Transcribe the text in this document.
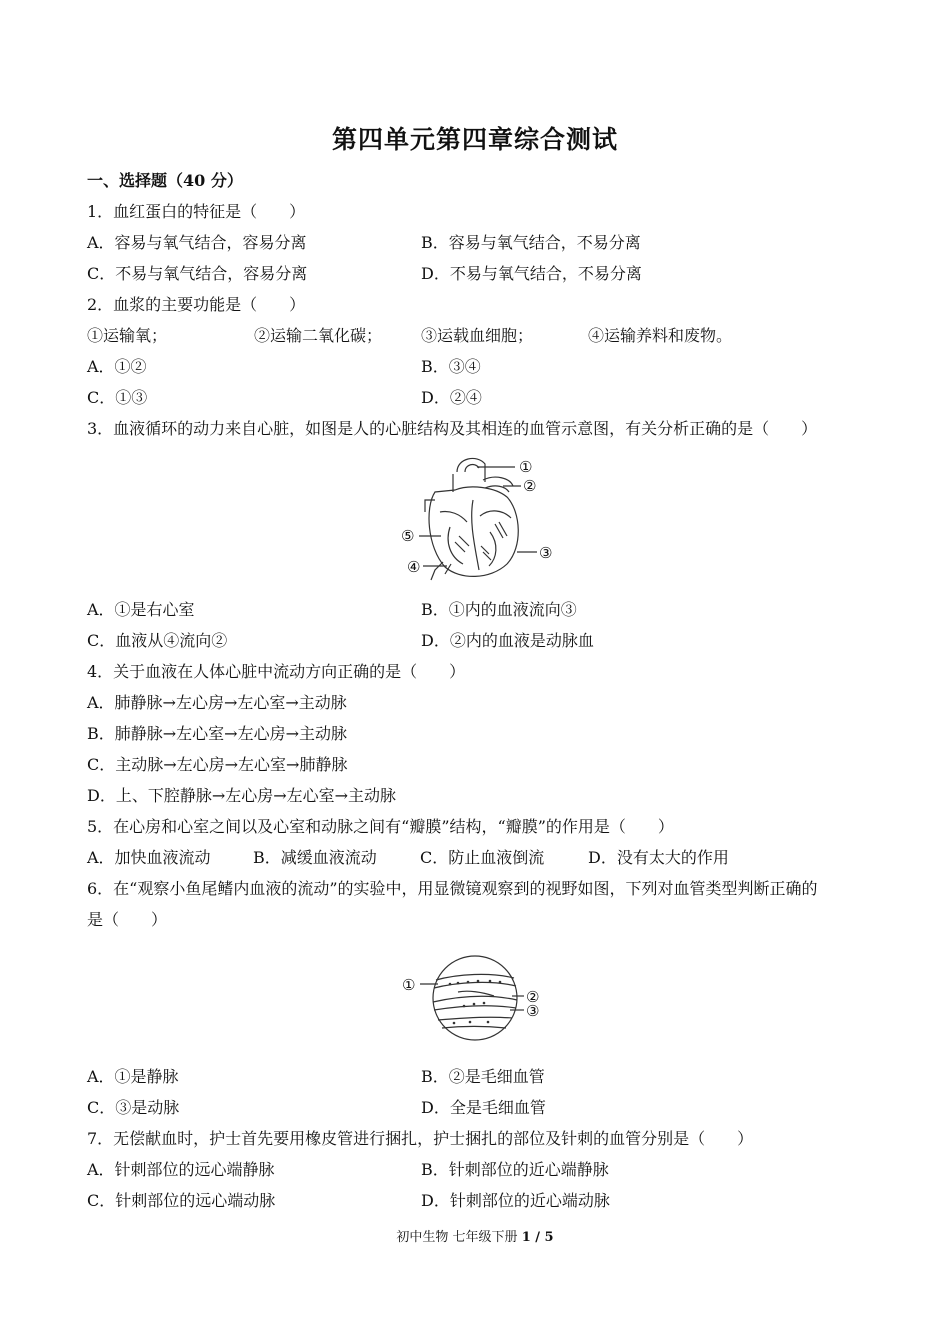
第四单元第四章综合测试
一、选择题（40 分）
1．血红蛋白的特征是（　　）
A．容易与氧气结合，容易分离	B．容易与氧气结合，不易分离
C．不易与氧气结合，容易分离	D．不易与氧气结合，不易分离
2．血浆的主要功能是（　　）
①运输氧；	②运输二氧化碳； ③运载血细胞；	④运输养料和废物。
A．①②	B．③④
C．①③	D．②④
3．血液循环的动力来自心脏，如图是人的心脏结构及其相连的血管示意图，有关分析正确的是（　　）
①
②
③
④
⑤
A．①是右心室	B．①内的血液流向③
C．血液从④流向②	D．②内的血液是动脉血
4．关于血液在人体心脏中流动方向正确的是（　　）
A．肺静脉→左心房→左心室→主动脉
B．肺静脉→左心室→左心房→主动脉
C．主动脉→左心房→左心室→肺静脉
D．上、下腔静脉→左心房→左心室→主动脉
5．在心房和心室之间以及心室和动脉之间有“瓣膜”结构，“瓣膜”的作用是（　　）
A．加快血液流动	B．减缓血液流动	C．防止血液倒流	D．没有太大的作用
6．在“观察小鱼尾鳍内血液的流动”的实验中，用显微镜观察到的视野如图，下列对血管类型判断正确的
是（　　）
①
②
③
A．①是静脉	B．②是毛细血管
C．③是动脉	D．全是毛细血管
7．无偿献血时，护士首先要用橡皮管进行捆扎，护士捆扎的部位及针刺的血管分别是（　　）
A．针刺部位的远心端静脉	B．针刺部位的近心端静脉
C．针刺部位的远心端动脉	D．针刺部位的近心端动脉
初中生物 七年级下册 1 / 5
